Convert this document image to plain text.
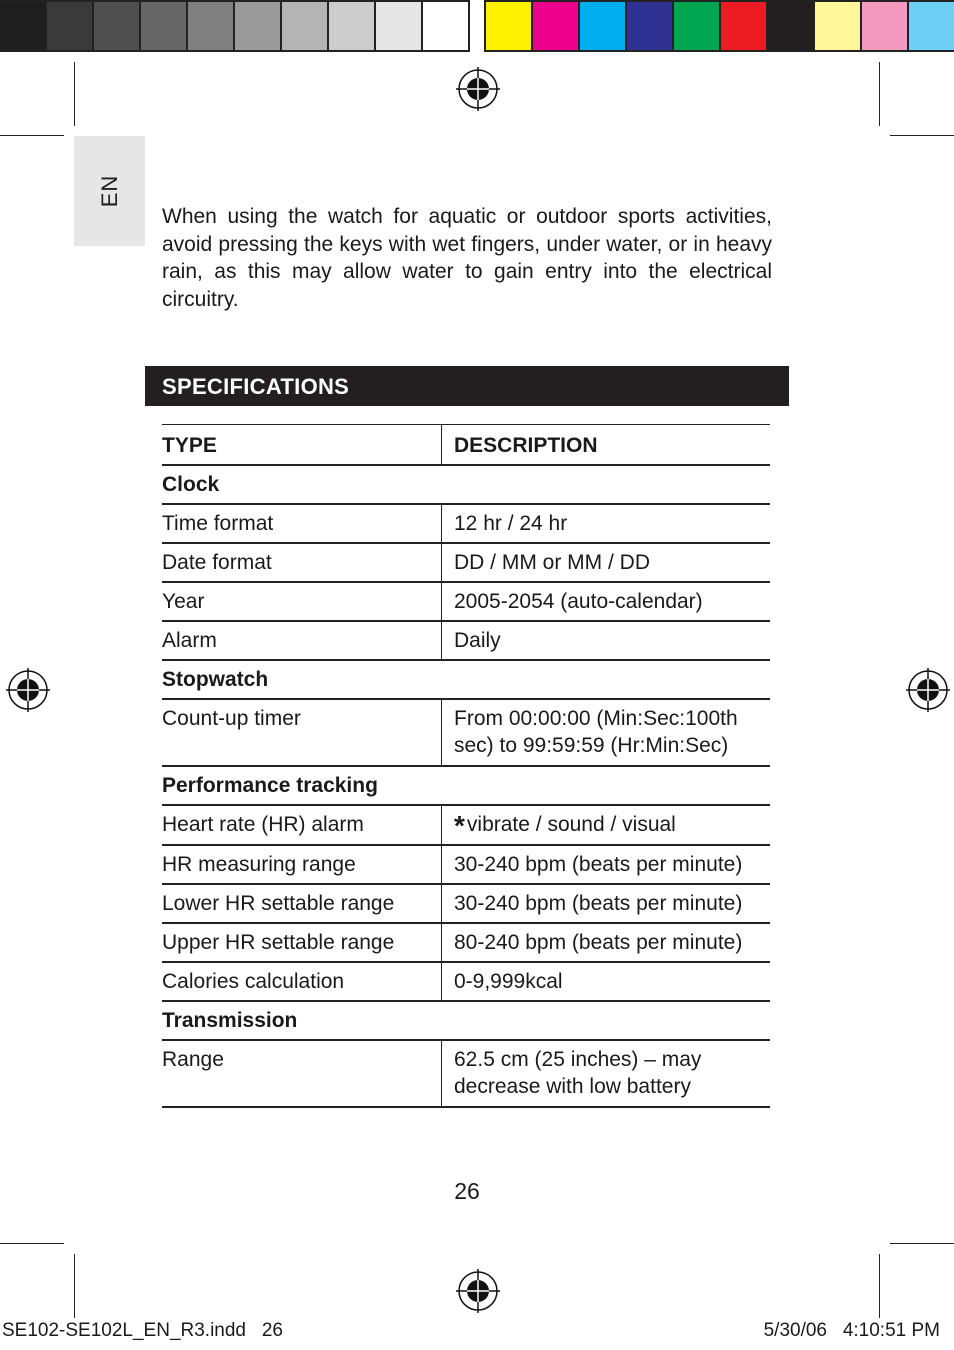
EN
When using the watch for aquatic or outdoor sports activities, avoid pressing the keys with wet fingers, under water, or in heavy rain, as this may allow water to gain entry into the electrical circuitry.
SPECIFICATIONS
TYPE	DESCRIPTION
Clock
Time format	12 hr / 24 hr
Date format	DD / MM or MM / DD
Year	2005-2054 (auto-calendar)
Alarm	Daily
Stopwatch
Count-up timer	From 00:00:00 (Min:Sec:100th sec) to 99:59:59 (Hr:Min:Sec)
Performance tracking
Heart rate (HR) alarm	*vibrate / sound / visual
HR measuring range	30-240 bpm (beats per minute)
Lower HR settable range	30-240 bpm (beats per minute)
Upper HR settable range	80-240 bpm (beats per minute)
Calories calculation	0-9,999kcal
Transmission
Range	62.5 cm (25 inches) – may decrease with low battery
26
SE102-SE102L_EN_R3.indd   26	5/30/06   4:10:51 PM
